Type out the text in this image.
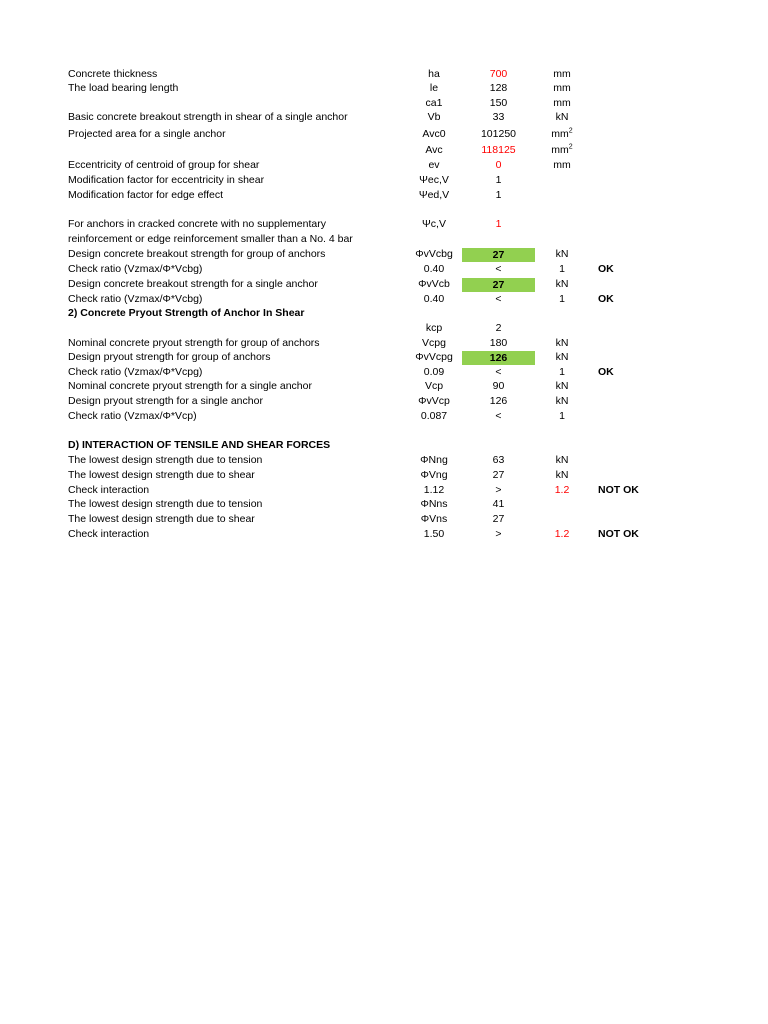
Concrete thickness	ha	700	mm
The load bearing length	le	128	mm
ca1	150	mm
Basic concrete breakout strength in shear of a single anchor	Vb	33	kN
Projected area for a single anchor	Avc0	101250	$mm^2$
Avc	118125	$mm^2$
Eccentricity of centroid of group for shear	ev	0	mm
Modification factor for eccentricity in shear	Ψec,V	1
Modification factor for edge effect	Ψed,V	1
For anchors in cracked concrete with no supplementary	Ψc,V	1
reinforcement or edge reinforcement smaller than a No. 4 bar
Design concrete breakout strength for group of anchors	ΦvVcbg	27	kN
Check ratio (Vzmax/Φ*Vcbg)	0.40	<	1	OK
Design concrete breakout strength for a single anchor	ΦvVcb	27	kN
Check ratio (Vzmax/Φ*Vcbg)	0.40	<	1	OK
2) Concrete Pryout Strength of Anchor In Shear
kcp	2
Nominal concrete pryout strength for group of anchors	Vcpg	180	kN
Design pryout strength for group of anchors	ΦvVcpg	126	kN
Check ratio (Vzmax/Φ*Vcpg)	0.09	<	1	OK
Nominal concrete pryout strength for a single anchor	Vcp	90	kN
Design pryout strength for a single anchor	ΦvVcp	126	kN
Check ratio (Vzmax/Φ*Vcp)	0.087	<	1
D) INTERACTION OF TENSILE AND SHEAR FORCES
The lowest design strength due to tension	ΦNng	63	kN
The lowest design strength due to shear	ΦVng	27	kN
Check interaction	1.12	>	1.2	NOT OK
The lowest design strength due to tension	ΦNns	41
The lowest design strength due to shear	ΦVns	27
Check interaction	1.50	>	1.2	NOT OK
